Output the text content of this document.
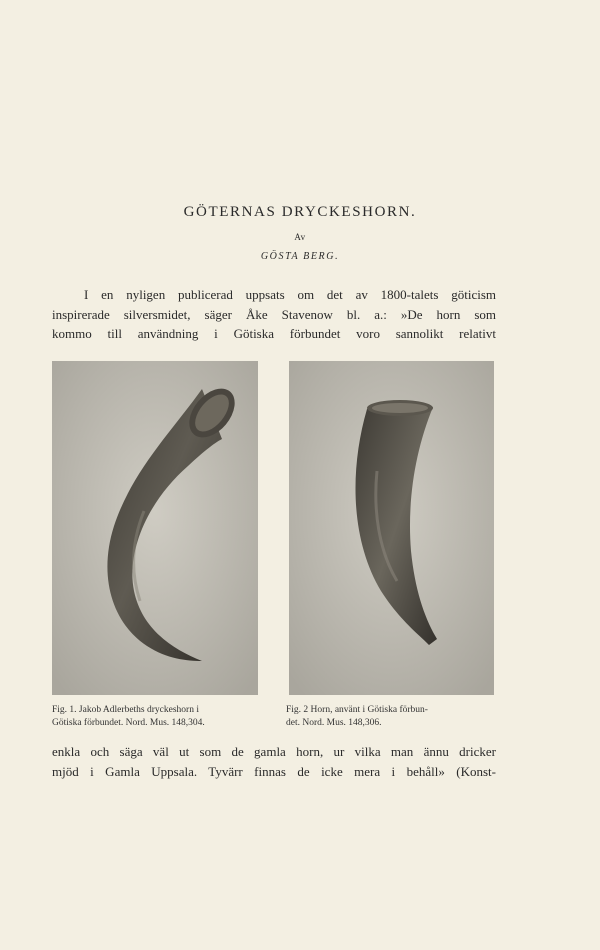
GÖTERNAS DRYCKESHORN.
Av
GÖSTA BERG.
I en nyligen publicerad uppsats om det av 1800-talets göticism
inspirerade silversmidet, säger Åke Stavenow bl. a.: »De horn som
kommo till användning i Götiska förbundet voro sannolikt relativt
Fig. 1. Jakob Adlerbeths dryckeshorn i
Götiska förbundet. Nord. Mus. 148,304.
Fig. 2 Horn, använt i Götiska förbun-
det. Nord. Mus. 148,306.
enkla och säga väl ut som de gamla horn, ur vilka man ännu dricker
mjöd i Gamla Uppsala. Tyvärr finnas de icke mera i behåll» (Konst-
